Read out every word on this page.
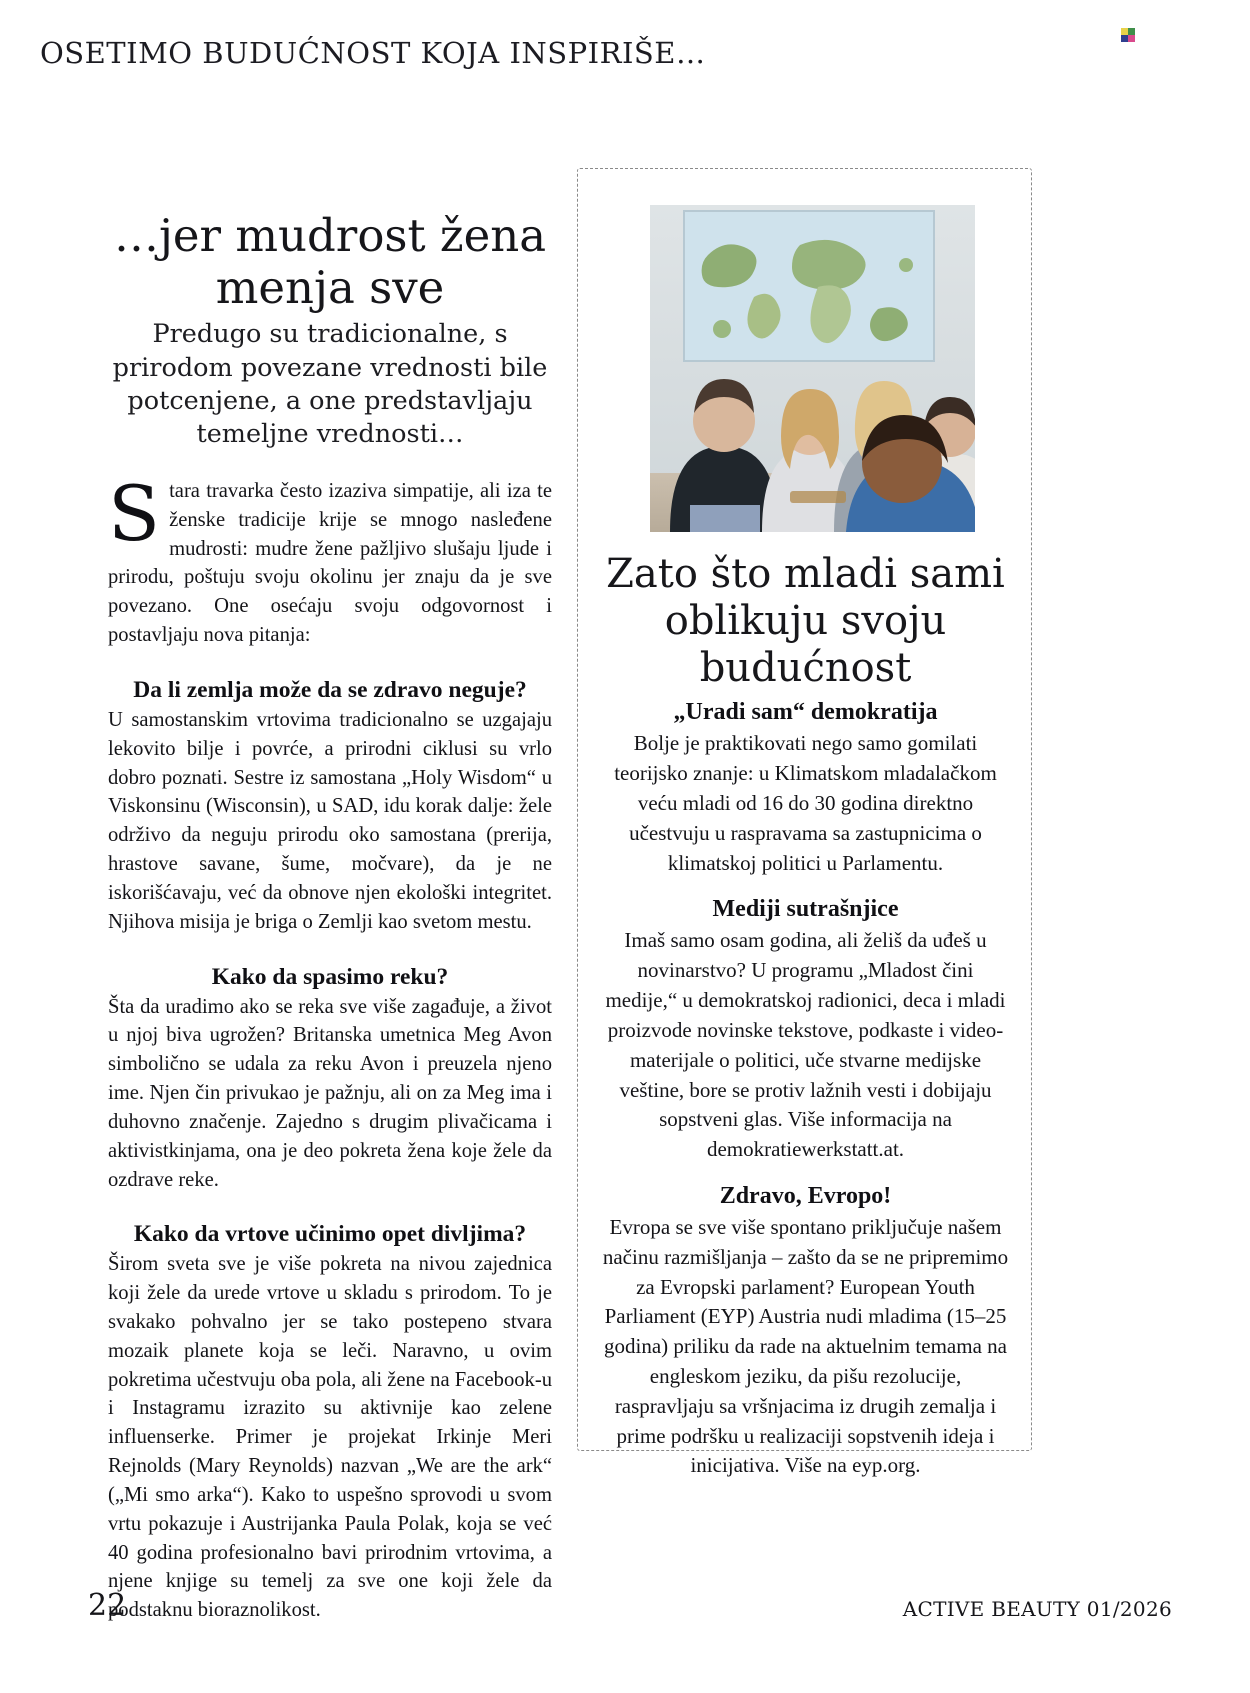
OSETIMO BUDUĆNOST KOJA INSPIRIŠE…
…jer mudrost žena menja sve

Predugo su tradicionalne, s prirodom povezane vrednosti bile potcenjene, a one predstavljaju temeljne vrednosti…

Stara travarka često izaziva simpatije, ali iza te ženske tradicije krije se mnogo nasleđene mudrosti: mudre žene pažljivo slušaju ljude i prirodu, poštuju svoju okolinu jer znaju da je sve povezano. One osećaju svoju odgovornost i postavljaju nova pitanja:

Da li zemlja može da se zdravo neguje?

U samostanskim vrtovima tradicionalno se uzgajaju lekovito bilje i povrće, a prirodni ciklusi su vrlo dobro poznati. Sestre iz samostana „Holy Wisdom“ u Viskonsinu (Wisconsin), u SAD, idu korak dalje: žele održivo da neguju prirodu oko samostana (prerija, hrastove savane, šume, močvare), da je ne iskorišćavaju, već da obnove njen ekološki integritet. Njihova misija je briga o Zemlji kao svetom mestu.

Kako da spasimo reku?

Šta da uradimo ako se reka sve više zagađuje, a život u njoj biva ugrožen? Britanska umetnica Meg Avon simbolično se udala za reku Avon i preuzela njeno ime. Njen čin privukao je pažnju, ali on za Meg ima i duhovno značenje. Zajedno s drugim plivačicama i aktivistkinjama, ona je deo pokreta žena koje žele da ozdrave reke.

Kako da vrtove učinimo opet divljima?

Širom sveta sve je više pokreta na nivou zajednica koji žele da urede vrtove u skladu s prirodom. To je svakako pohvalno jer se tako postepeno stvara mozaik planete koja se leči. Naravno, u ovim pokretima učestvuju oba pola, ali žene na Facebook-u i Instagramu izrazito su aktivnije kao zelene influenserke. Primer je projekat Irkinje Meri Rejnolds (Mary Reynolds) nazvan „We are the ark“ („Mi smo arka“). Kako to uspešno sprovodi u svom vrtu pokazuje i Austrijanka Paula Polak, koja se već 40 godina profesionalno bavi prirodnim vrtovima, a njene knjige su temelj za sve one koji žele da podstaknu bioraznolikost.

Zato što mladi sami oblikuju svoju budućnost
„Uradi sam“ demokratija

Bolje je praktikovati nego samo gomilati teorijsko znanje: u Klimatskom mladalačkom veću mladi od 16 do 30 godina direktno učestvuju u raspravama sa zastupnicima o klimatskoj politici u Parlamentu.

Mediji sutrašnjice

Imaš samo osam godina, ali želiš da uđeš u novinarstvo? U programu „Mladost čini medije,“ u demokratskoj radionici, deca i mladi proizvode novinske tekstove, podkaste i video-materijale o politici, uče stvarne medijske veštine, bore se protiv lažnih vesti i dobijaju sopstveni glas. Više informacija na demokratiewerkstatt.at.

Zdravo, Evropo!

Evropa se sve više spontano priključuje našem načinu razmišljanja – zašto da se ne pripremimo za Evropski parlament? European Youth Parliament (EYP) Austria nudi mladima (15–25 godina) priliku da rade na aktuelnim temama na engleskom jeziku, da pišu rezolucije, raspravljaju sa vršnjacima iz drugih zemalja i prime podršku u realizaciji sopstvenih ideja i inicijativa. Više na eyp.org.

22	ACTIVE BEAUTY 01/2026
